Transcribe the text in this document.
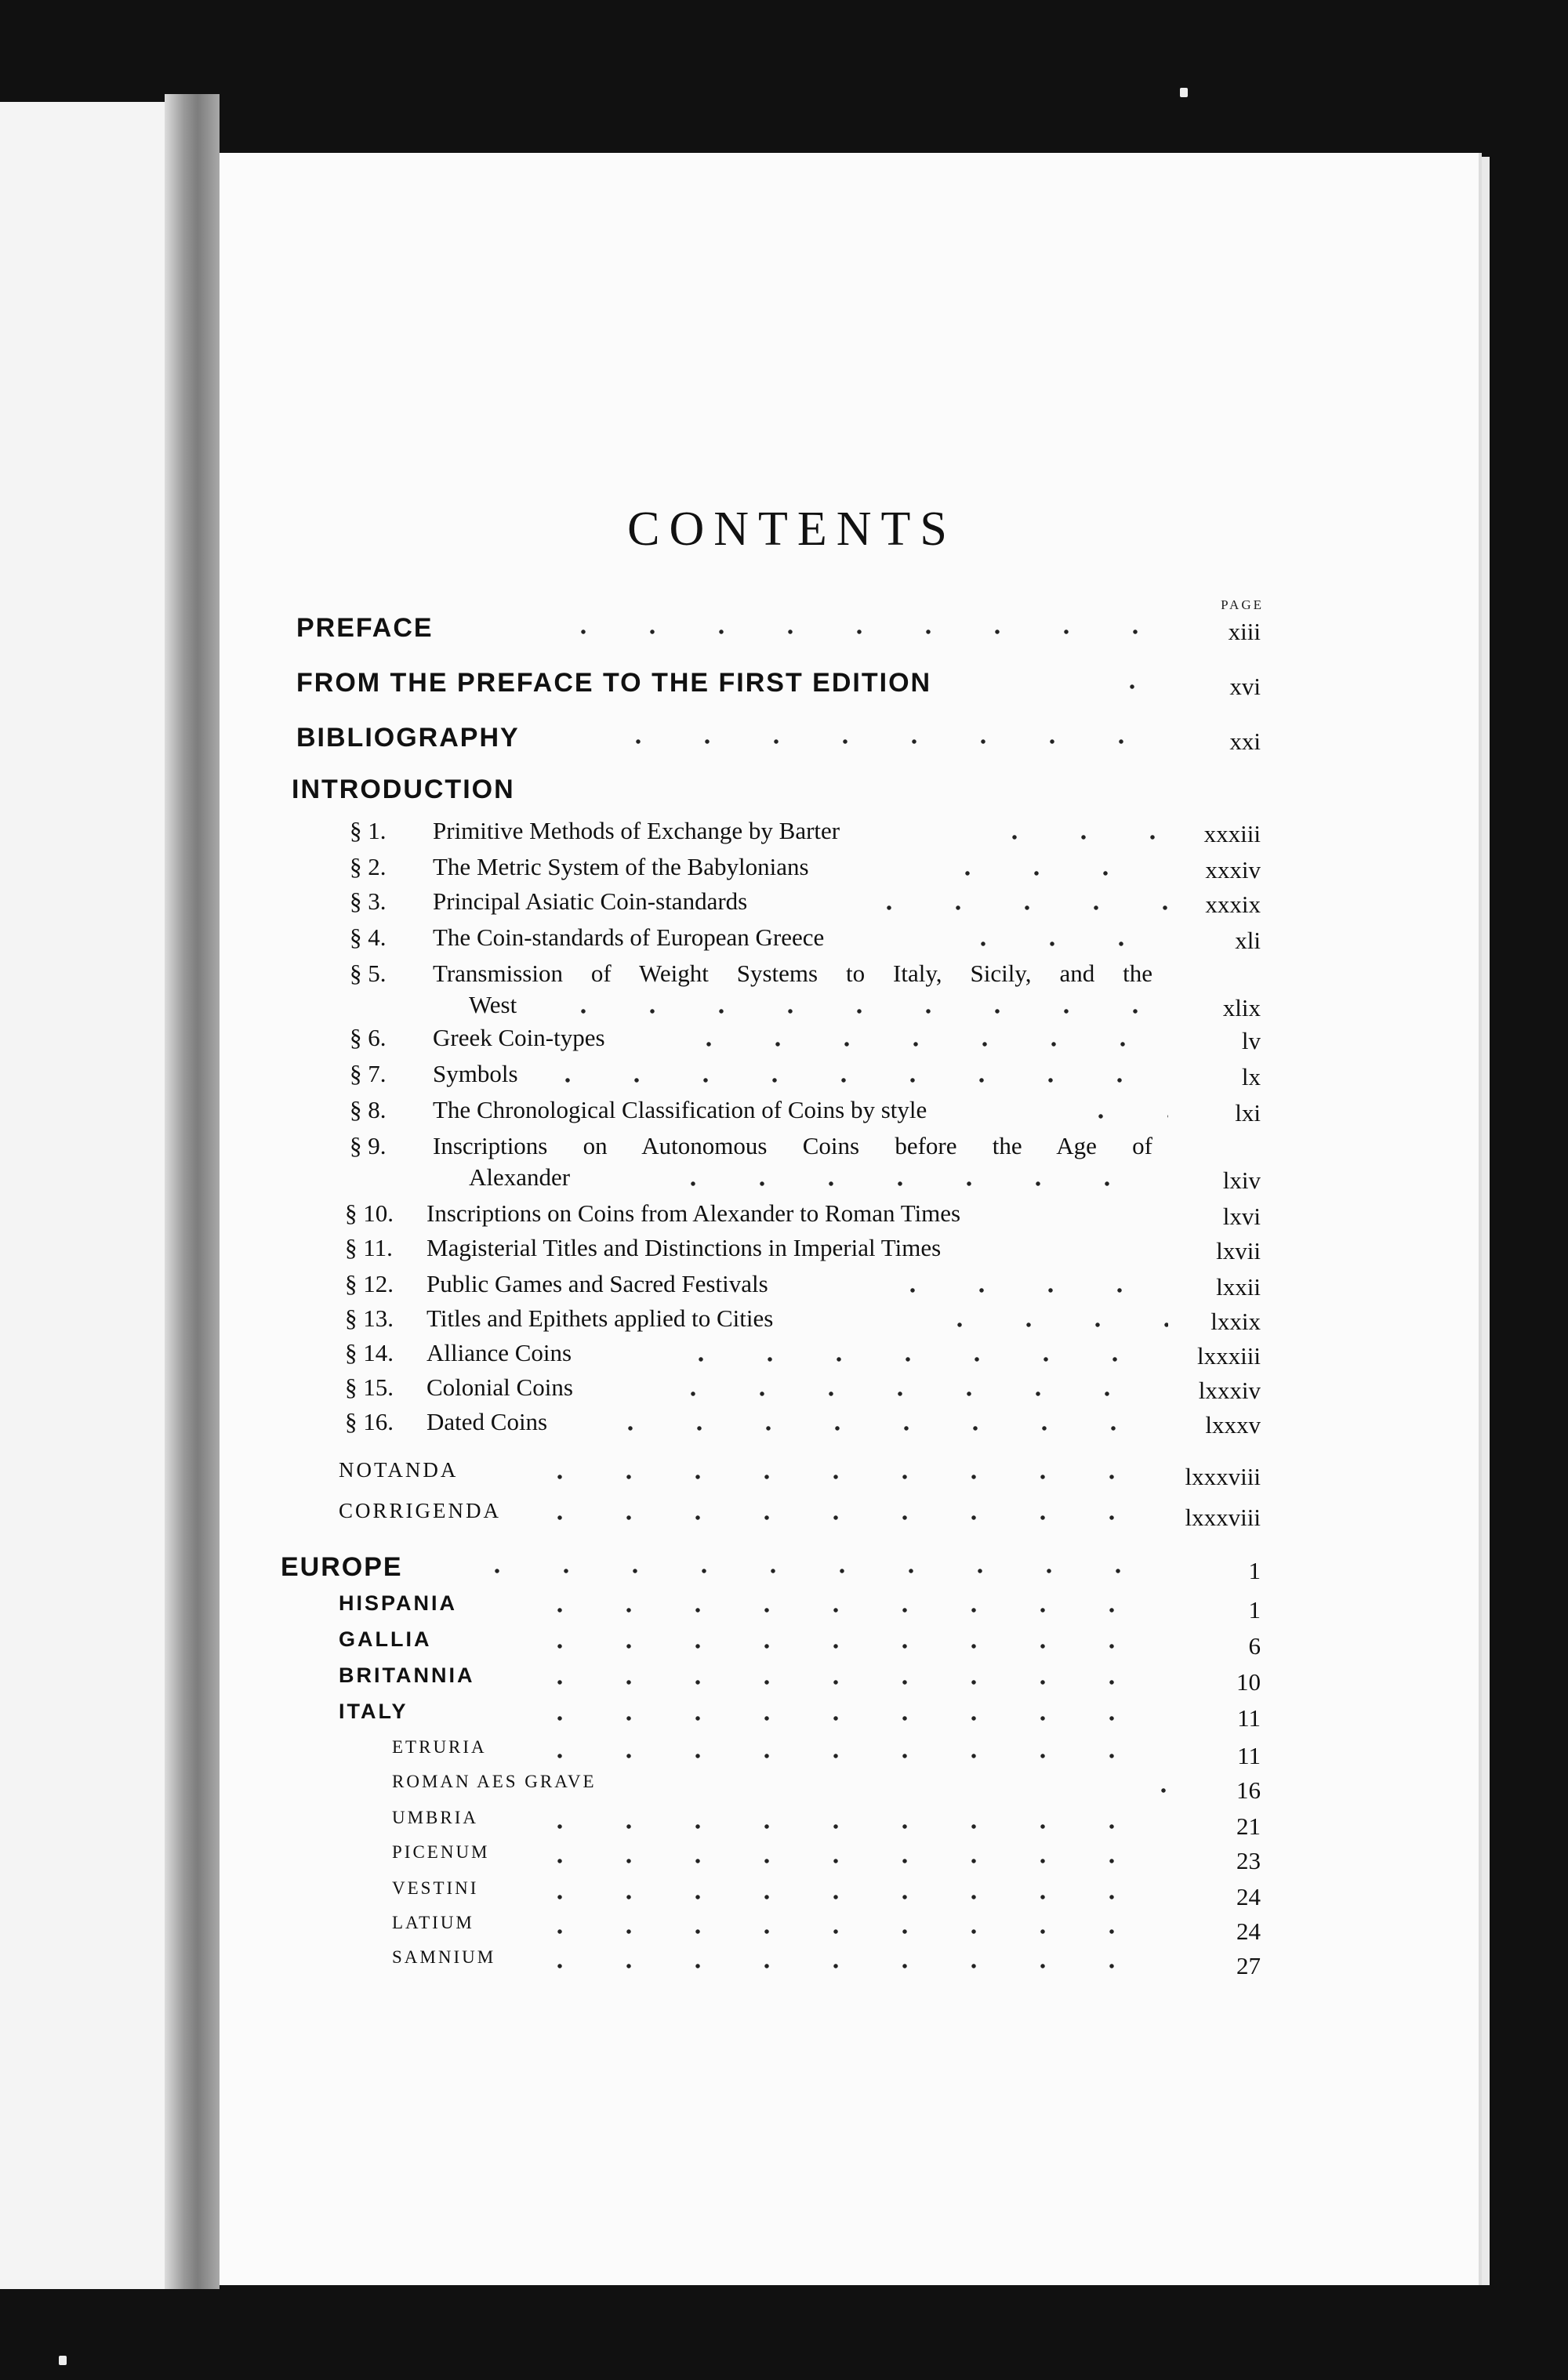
CONTENTS
PAGE
PREFACE	xiii
FROM THE PREFACE TO THE FIRST EDITION	xvi
BIBLIOGRAPHY	xxi
INTRODUCTION
§ 1. Primitive Methods of Exchange by Barter	xxxiii
§ 2. The Metric System of the Babylonians	xxxiv
§ 3. Principal Asiatic Coin-standards	xxxix
§ 4. The Coin-standards of European Greece	xli
§ 5. Transmission of Weight Systems to Italy, Sicily, and the
West	xlix
§ 6. Greek Coin-types	lv
§ 7. Symbols	lx
§ 8. The Chronological Classification of Coins by style	lxi
§ 9. Inscriptions on Autonomous Coins before the Age of
Alexander	lxiv
§ 10. Inscriptions on Coins from Alexander to Roman Times	lxvi
§ 11. Magisterial Titles and Distinctions in Imperial Times	lxvii
§ 12. Public Games and Sacred Festivals	lxxii
§ 13. Titles and Epithets applied to Cities	lxxix
§ 14. Alliance Coins	lxxxiii
§ 15. Colonial Coins	lxxxiv
§ 16. Dated Coins	lxxxv
NOTANDA	lxxxviii
CORRIGENDA	lxxxviii
EUROPE	1
HISPANIA	1
GALLIA	6
BRITANNIA	10
ITALY	11
ETRURIA	11
ROMAN AES GRAVE	16
UMBRIA	21
PICENUM	23
VESTINI	24
LATIUM	24
SAMNIUM	27
